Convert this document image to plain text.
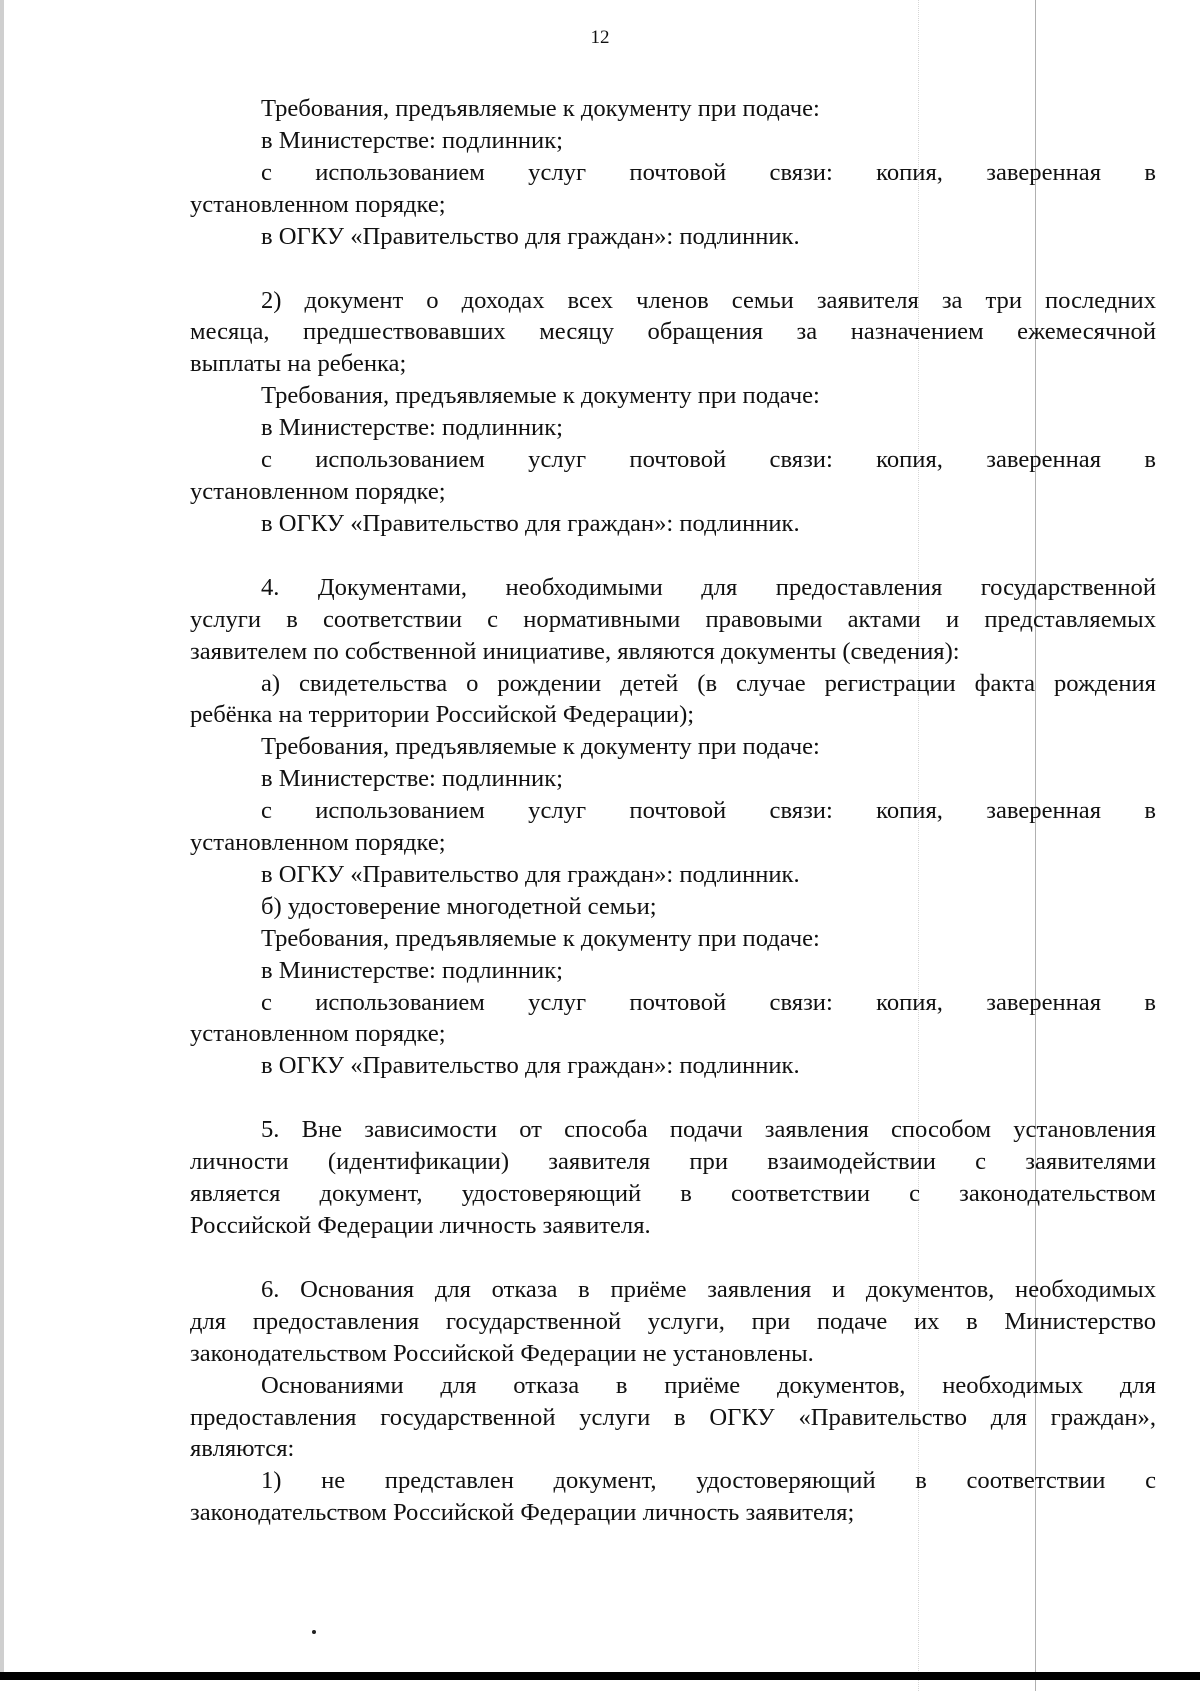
12

Требования, предъявляемые к документу при подаче:

в Министерстве: подлинник;

с использованием услуг почтовой связи: копия, заверенная в

установленном порядке;

в ОГКУ «Правительство для граждан»: подлинник.

2) документ о доходах всех членов семьи заявителя за три последних

месяца, предшествовавших месяцу обращения за назначением ежемесячной

выплаты на ребенка;

Требования, предъявляемые к документу при подаче:

в Министерстве: подлинник;

с использованием услуг почтовой связи: копия, заверенная в

установленном порядке;

в ОГКУ «Правительство для граждан»: подлинник.

4. Документами, необходимыми для предоставления государственной

услуги в соответствии с нормативными правовыми актами и представляемых

заявителем по собственной инициативе, являются документы (сведения):

а) свидетельства о рождении детей (в случае регистрации факта рождения

ребёнка на территории Российской Федерации);

Требования, предъявляемые к документу при подаче:

в Министерстве: подлинник;

с использованием услуг почтовой связи: копия, заверенная в

установленном порядке;

в ОГКУ «Правительство для граждан»: подлинник.

б) удостоверение многодетной семьи;

Требования, предъявляемые к документу при подаче:

в Министерстве: подлинник;

с использованием услуг почтовой связи: копия, заверенная в

установленном порядке;

в ОГКУ «Правительство для граждан»: подлинник.

5. Вне зависимости от способа подачи заявления способом установления

личности (идентификации) заявителя при взаимодействии с заявителями

является документ, удостоверяющий в соответствии с законодательством

Российской Федерации личность заявителя.

6. Основания для отказа в приёме заявления и документов, необходимых

для предоставления государственной услуги, при подаче их в Министерство

законодательством Российской Федерации не установлены.

Основаниями для отказа в приёме документов, необходимых для

предоставления государственной услуги в ОГКУ «Правительство для граждан»,

являются:

1) не представлен документ, удостоверяющий в соответствии с

законодательством Российской Федерации личность заявителя;
